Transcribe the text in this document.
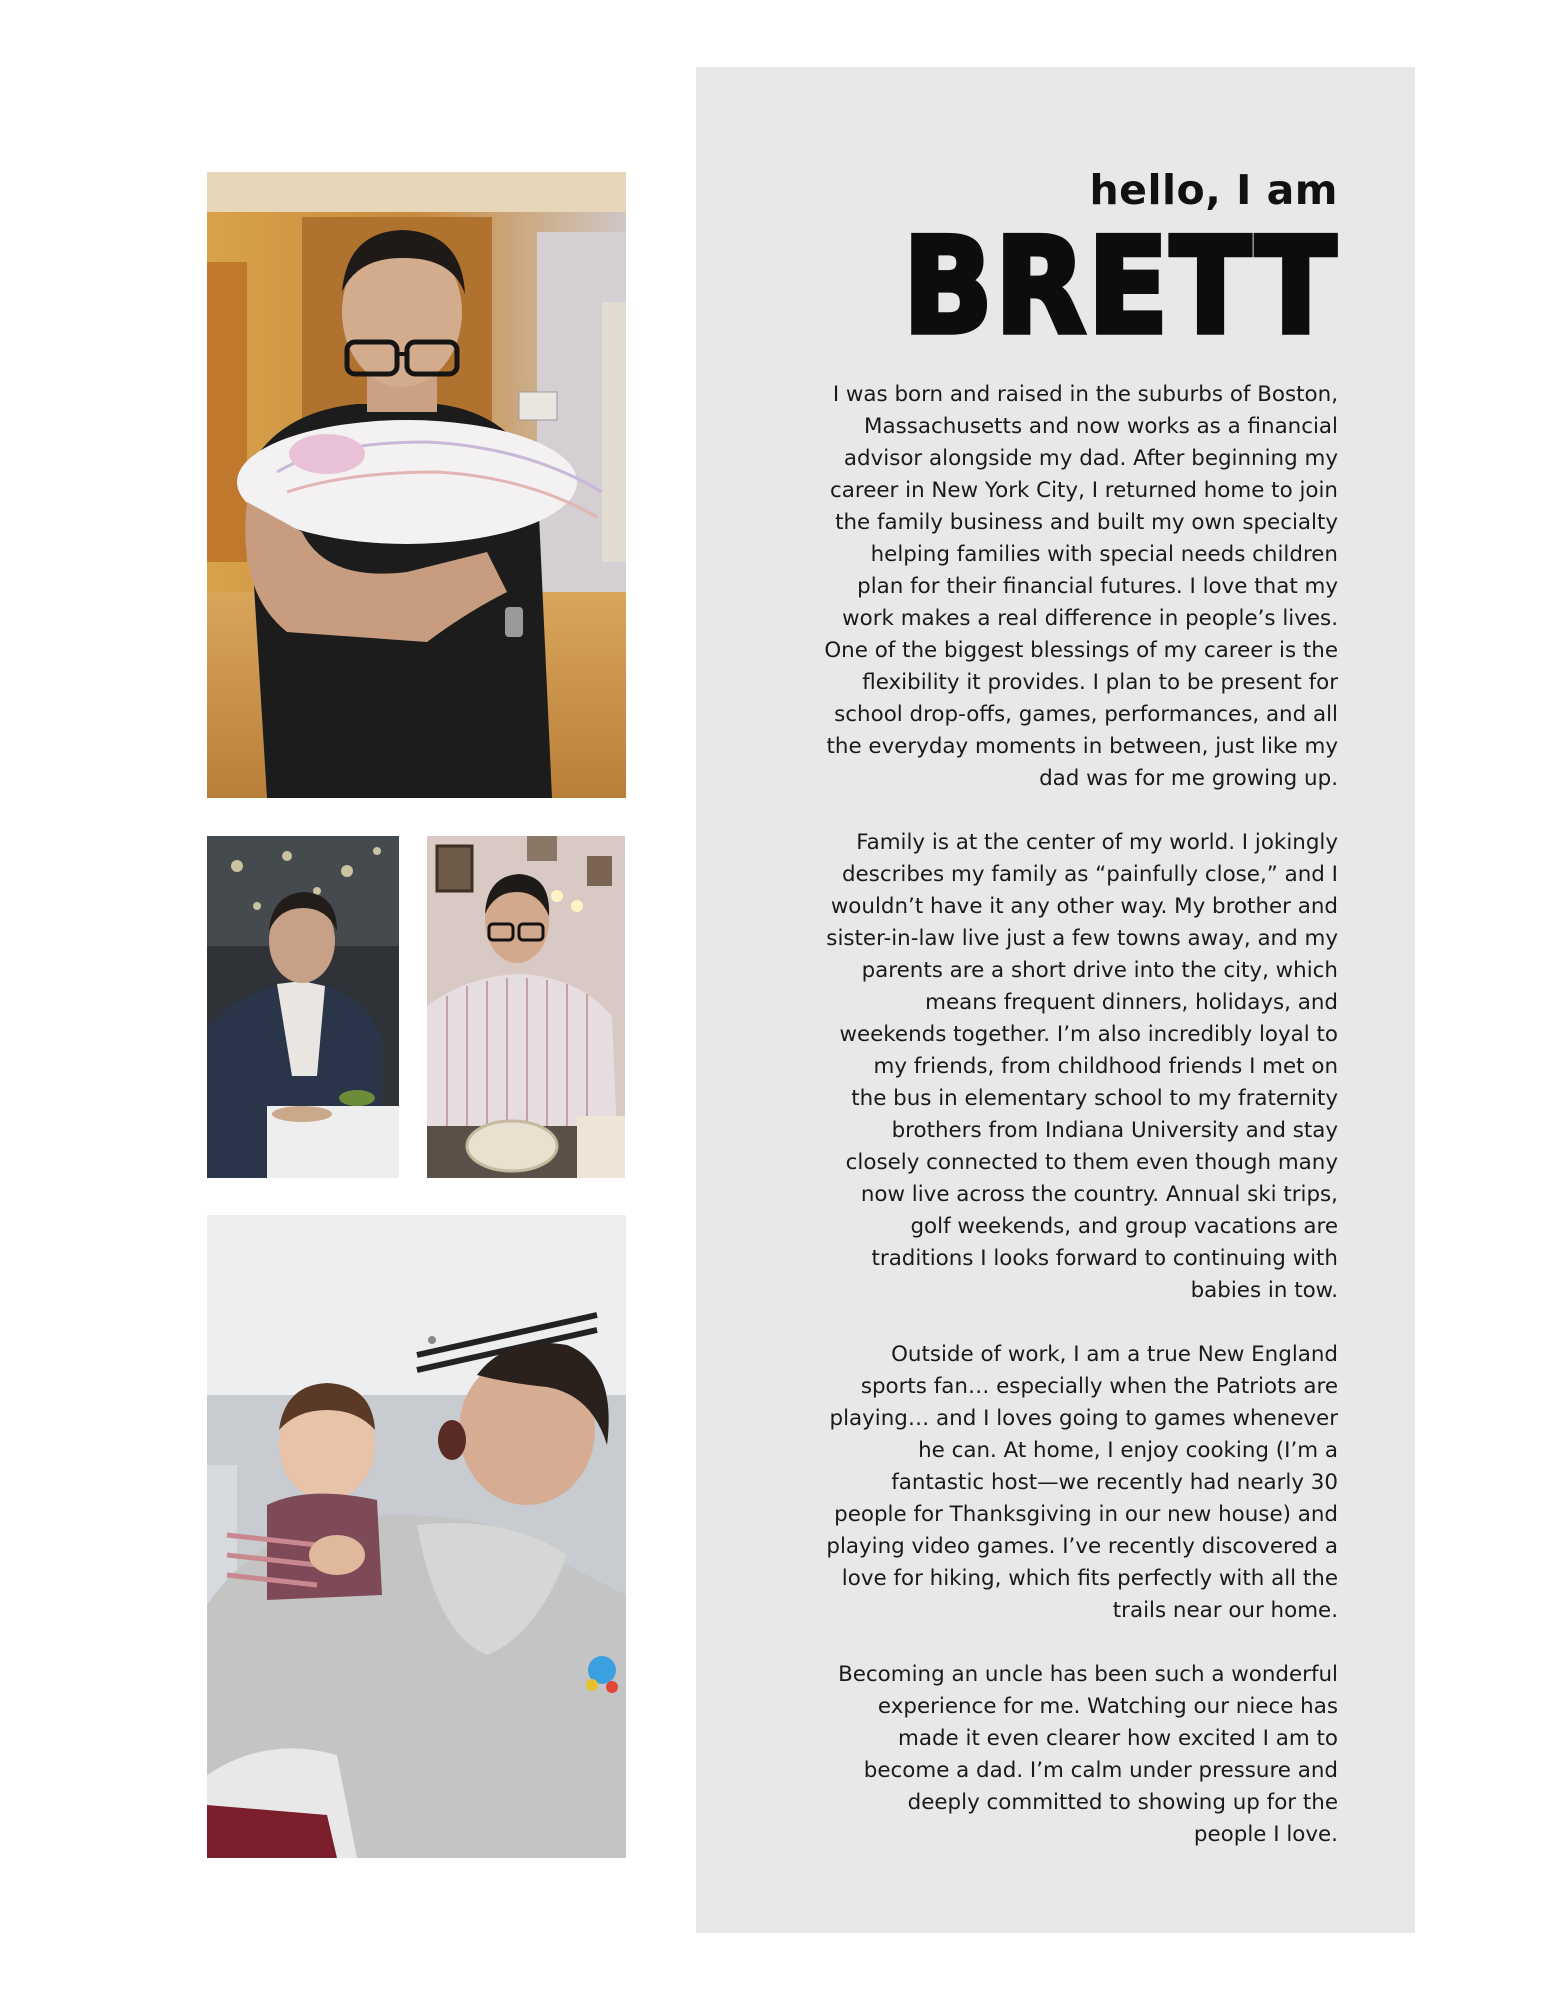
hello, I am
BRETT

I was born and raised in the suburbs of Boston,
Massachusetts and now works as a financial
advisor alongside my dad. After beginning my
career in New York City, I returned home to join
the family business and built my own specialty
helping families with special needs children
plan for their financial futures. I love that my
work makes a real difference in people’s lives.
One of the biggest blessings of my career is the
flexibility it provides. I plan to be present for
school drop-offs, games, performances, and all
the everyday moments in between, just like my
dad was for me growing up.

Family is at the center of my world. I jokingly
describes my family as “painfully close,” and I
wouldn’t have it any other way. My brother and
sister-in-law live just a few towns away, and my
parents are a short drive into the city, which
means frequent dinners, holidays, and
weekends together. I’m also incredibly loyal to
my friends, from childhood friends I met on
the bus in elementary school to my fraternity
brothers from Indiana University and stay
closely connected to them even though many
now live across the country. Annual ski trips,
golf weekends, and group vacations are
traditions I looks forward to continuing with
babies in tow.

Outside of work, I am a true New England
sports fan… especially when the Patriots are
playing… and I loves going to games whenever
he can. At home, I enjoy cooking (I’m a
fantastic host—we recently had nearly 30
people for Thanksgiving in our new house) and
playing video games. I’ve recently discovered a
love for hiking, which fits perfectly with all the
trails near our home.

Becoming an uncle has been such a wonderful
experience for me. Watching our niece has
made it even clearer how excited I am to
become a dad. I’m calm under pressure and
deeply committed to showing up for the
people I love.
